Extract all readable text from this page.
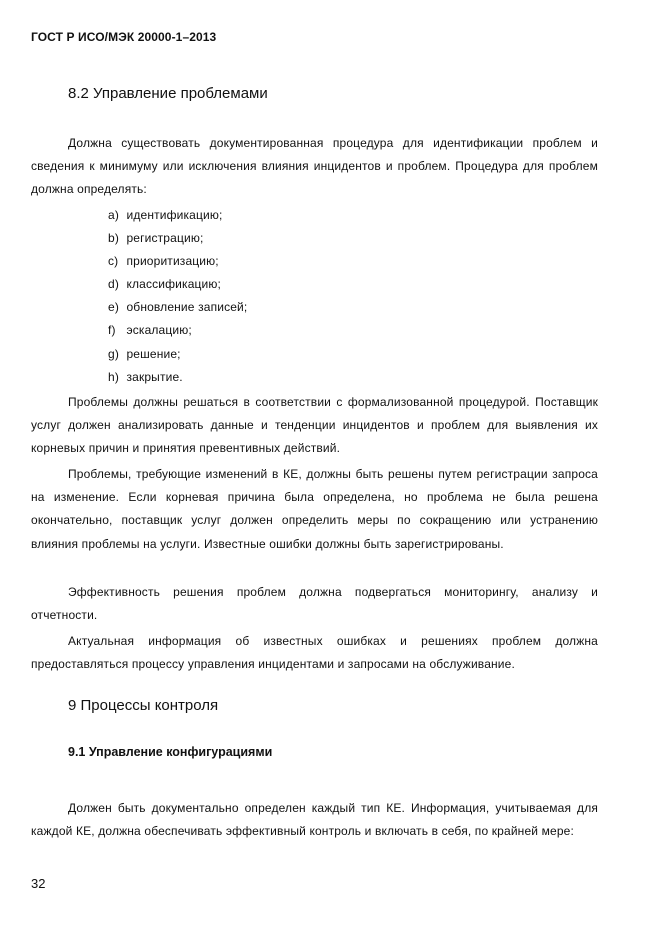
ГОСТ Р ИСО/МЭК 20000-1–2013

8.2 Управление проблемами

Должна существовать документированная процедура для идентификации проблем и сведения к минимуму или исключения влияния инцидентов и проблем. Процедура для проблем должна определять:

a) идентификацию;
b) регистрацию;
c) приоритизацию;
d) классификацию;
e) обновление записей;
f) эскалацию;
g) решение;
h) закрытие.

Проблемы должны решаться в соответствии с формализованной процедурой. Поставщик услуг должен анализировать данные и тенденции инцидентов и проблем для выявления их корневых причин и принятия превентивных действий.

Проблемы, требующие изменений в КЕ, должны быть решены путем регистрации запроса на изменение. Если корневая причина была определена, но проблема не была решена окончательно, поставщик услуг должен определить меры по сокращению или устранению влияния проблемы на услуги. Известные ошибки должны быть зарегистрированы.

Эффективность решения проблем должна подвергаться мониторингу, анализу и отчетности.

Актуальная информация об известных ошибках и решениях проблем должна предоставляться процессу управления инцидентами и запросами на обслуживание.

9 Процессы контроля
9.1 Управление конфигурациями

Должен быть документально определен каждый тип КЕ. Информация, учитываемая для каждой КЕ, должна обеспечивать эффективный контроль и включать в себя, по крайней мере:

32
